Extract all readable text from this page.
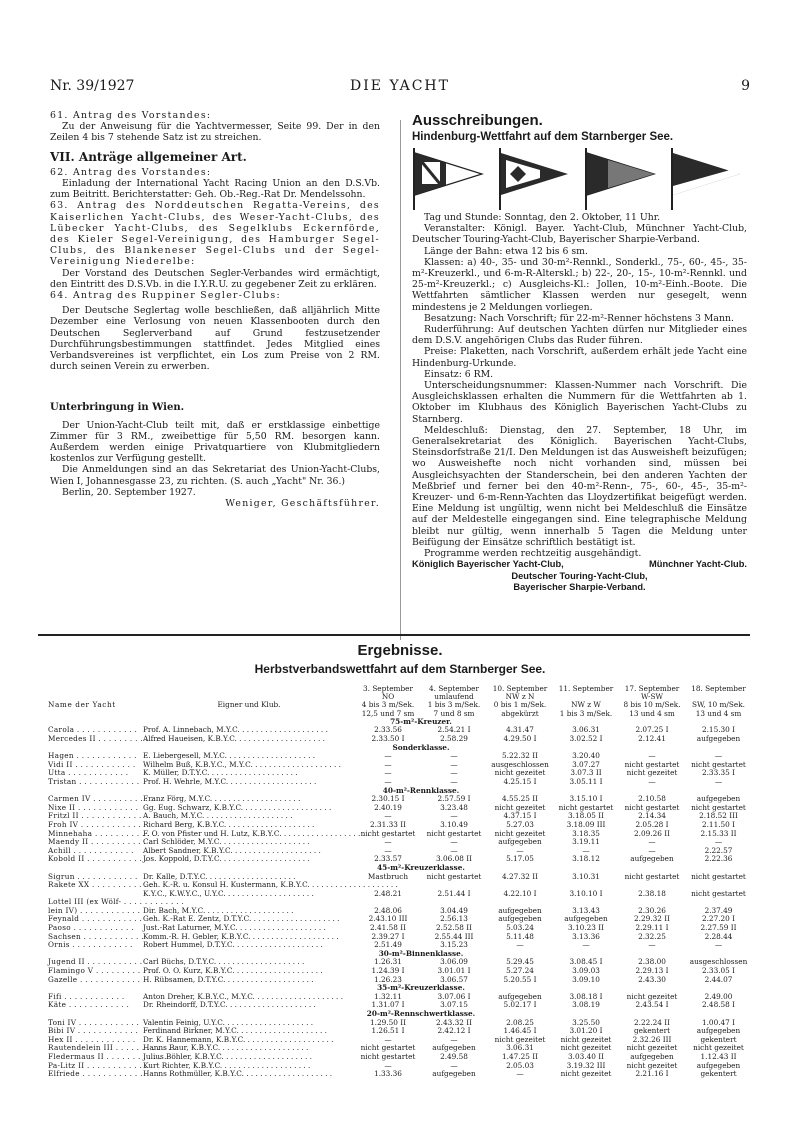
Nr. 39/1927	DIE YACHT	9

61. Antrag des Vorstandes:

Zu der Anweisung für die Yachtvermesser, Seite 99. Der in den Zeilen 4 bis 7 stehende Satz ist zu streichen.

VII. Anträge allgemeiner Art.

62. Antrag des Vorstandes:

Einladung der International Yacht Racing Union an den D.S.Vb. zum Beitritt. Berichterstatter: Geh. Ob.-Reg.-Rat Dr. Mendelssohn.

63. Antrag des Norddeutschen Regatta-Vereins, des Kaiserlichen Yacht-Clubs, des Weser-Yacht-Clubs, des Lübecker Yacht-Clubs, des Segelklubs Eckernförde, des Kieler Segel-Vereinigung, des Hamburger Segel-Clubs, des Blankeneser Segel-Clubs und der Segel-Vereinigung Niederelbe:

Der Vorstand des Deutschen Segler-Verbandes wird ermächtigt, den Eintritt des D.S.Vb. in die I.Y.R.U. zu gegebener Zeit zu erklären.

64. Antrag des Ruppiner Segler-Clubs:

Der Deutsche Seglertag wolle beschließen, daß alljährlich Mitte Dezember eine Verlosung von neuen Klassenbooten durch den Deutschen Seglerverband auf Grund festzusetzender Durchführungsbestimmungen stattfindet. Jedes Mitglied eines Verbandsvereines ist verpflichtet, ein Los zum Preise von 2 RM. durch seinen Verein zu erwerben.

Unterbringung in Wien.

Der Union-Yacht-Club teilt mit, daß er erstklassige einbettige Zimmer für 3 RM., zweibettige für 5,50 RM. besorgen kann. Außerdem werden einige Privatquartiere von Klubmitgliedern kostenlos zur Verfügung gestellt.

Die Anmeldungen sind an das Sekretariat des Union-Yacht-Clubs, Wien I, Johannesgasse 23, zu richten. (S. auch „Yacht" Nr. 36.)

Berlin, 20. September 1927.

Weniger, Geschäftsführer.

Ausschreibungen.

Hindenburg-Wettfahrt auf dem Starnberger See.

Tag und Stunde: Sonntag, den 2. Oktober, 11 Uhr.

Veranstalter: Königl. Bayer. Yacht-Club, Münchner Yacht-Club, Deutscher Touring-Yacht-Club, Bayerischer Sharpie-Verband.

Länge der Bahn: etwa 12 bis 6 sm.

Klassen: a) 40-, 35- und 30-m²-Rennkl., Sonderkl., 75-, 60-, 45-, 35-m²-Kreuzerkl., und 6-m-R-Alterskl.; b) 22-, 20-, 15-, 10-m²-Rennkl. und 25-m²-Kreuzerkl.; c) Ausgleichs-Kl.: Jollen, 10-m²-Einh.-Boote. Die Wettfahrten sämtlicher Klassen werden nur gesegelt, wenn mindestens je 2 Meldungen vorliegen.

Besatzung: Nach Vorschrift; für 22-m²-Renner höchstens 3 Mann.

Ruderführung: Auf deutschen Yachten dürfen nur Mitglieder eines dem D.S.V. angehörigen Clubs das Ruder führen.

Preise: Plaketten, nach Vorschrift, außerdem erhält jede Yacht eine Hindenburg-Urkunde.

Einsatz: 6 RM.

Unterscheidungsnummer: Klassen-Nummer nach Vorschrift. Die Ausgleichsklassen erhalten die Nummern für die Wettfahrten ab 1. Oktober im Klubhaus des Königlich Bayerischen Yacht-Clubs zu Starnberg.

Meldeschluß: Dienstag, den 27. September, 18 Uhr, im Generalsekretariat des Königlich. Bayerischen Yacht-Clubs, Steinsdorfstraße 21/I. Den Meldungen ist das Ausweisheft beizufügen; wo Ausweishefte noch nicht vorhanden sind, müssen bei Ausgleichsyachten der Standerschein, bei den anderen Yachten der Meßbrief und ferner bei den 40-m²-Renn-, 75-, 60-, 45-, 35-m²-Kreuzer- und 6-m-Renn-Yachten das Lloydzertifikat beigefügt werden. Eine Meldung ist ungültig, wenn nicht bei Meldeschluß die Einsätze auf der Meldestelle eingegangen sind. Eine telegraphische Meldung bleibt nur gültig, wenn innerhalb 5 Tagen die Meldung unter Beifügung der Einsätze schriftlich bestätigt ist.

Programme werden rechtzeitig ausgehändigt.

Königlich Bayerischer Yacht-Club,	Münchner Yacht-Club.

Deutscher Touring-Yacht-Club,

Bayerischer Sharpie-Verband.

Ergebnisse.
Herbstverbandswettfahrt auf dem Starnberger See.
		3. September	4. September	10. September	11. September	17. September	18. September
		NO	umlaufend	NW z N		W-SW	
Name der Yacht	Eigner und Klub.	4 bis 3 m/Sek.	1 bis 3 m/Sek.	0 bis 1 m/Sek.	NW z W	8 bis 10 m/Sek.	SW, 10 m/Sek.
		12,5 und 7 sm	7 und 8 sm	abgekürzt	1 bis 3 m/Sek.	13 und 4 sm	13 und 4 sm
		75-m²-Kreuzer.					
Carola . . . . . . . . . . . .	Prof. A. Linnebach, M.Y.C. . . . . . . . . . . . . . . . . . . .	2.33.56	2.54.21 I	4.31.47	3.06.31	2.07.25 I	2.15.30 I
Mercedes II . . . . . . . . . . . .	Alfred Haueisen, K.B.Y.C. . . . . . . . . . . . . . . . . . . .	2.33.50 I	2.58.29	4.29.50 I	3.02.52 I	2.12.41	aufgegeben
		Sonderklasse.					
Hagen . . . . . . . . . . . .	E. Liebergesell, M.Y.C. . . . . . . . . . . . . . . . . . . .	—	—	5.22.32 II	3.20.40	—	—
Vidi II . . . . . . . . . . . .	Wilhelm Buß, K.B.Y.C., M.Y.C. . . . . . . . . . . . . . . . . . . .	—	—	ausgeschlossen	3.07.27	nicht gestartet	nicht gestartet
Utta . . . . . . . . . . . .	K. Müller, D.T.Y.C. . . . . . . . . . . . . . . . . . . .	—	—	nicht gezeitet	3.07.3 II	nicht gezeitet	2.33.35 I
Tristan . . . . . . . . . . . .	Prof. H. Wehrle, M.Y.C. . . . . . . . . . . . . . . . . . . .	—	—	4.25.15 I	3.05.11 I	—	—
		40-m²-Rennklasse.					
Carmen IV . . . . . . . . . . . .	Franz Förg, M.Y.C. . . . . . . . . . . . . . . . . . . .	2.30.15 I	2.57.59 I	4.55.25 II	3.15.10 I	2.10.58	aufgegeben
Nixe II . . . . . . . . . . . .	Gg. Eug. Schwarz, K.B.Y.C. . . . . . . . . . . . . . . . . . . .	2.40.19	3.23.48	nicht gezeitet	nicht gestartet	nicht gestartet	nicht gestartet
Fritzl II . . . . . . . . . . . .	A. Bauch, M.Y.C. . . . . . . . . . . . . . . . . . . .	—	—	4.37.15 I	3.18.05 II	2.14.34	2.18.52 III
Froh IV . . . . . . . . . . . .	Richard Berg, K.B.Y.C. . . . . . . . . . . . . . . . . . . .	2.31.33 II	3.10.49	5.27.03	3.18.09 III	2.05.28 I	2.11.50 I
Minnehaha . . . . . . . . . . . .	F. O. von Pfister und H. Lutz, K.B.Y.C. . . . . . . . . . . . . . . . . . . .	nicht gestartet	nicht gestartet	nicht gezeitet	3.18.35	2.09.26 II	2.15.33 II
Maendy II . . . . . . . . . . . .	Carl Schlöder, M.Y.C. . . . . . . . . . . . . . . . . . . .	—	—	aufgegeben	3.19.11	—	—
Achill . . . . . . . . . . . .	Albert Sandner, K.B.Y.C. . . . . . . . . . . . . . . . . . . .	—	—	—	—	—	2.22.57
Kobold II . . . . . . . . . . . .	Jos. Koppold, D.T.Y.C. . . . . . . . . . . . . . . . . . . .	2.33.57	3.06.08 II	5.17.05	3.18.12	aufgegeben	2.22.36
		45-m²-Kreuzerklasse.					
Sigrun . . . . . . . . . . . .	Dr. Kalle, D.T.Y.C. . . . . . . . . . . . . . . . . . . .	Mastbruch	nicht gestartet	4.27.32 II	3.10.31	nicht gestartet	nicht gestartet
Rakete XX . . . . . . . . . . . .	Geh. K.-R. u. Konsul H. Kustermann, K.B.Y.C. . . . . . . . . . . . . . . . . . . .						
	K.Y.C., K.W.Y.C., U.Y.C. . . . . . . . . . . . . . . . . . . .	2.48.21	2.51.44 I	4.22.10 I	3.10.10 I	2.38.18	nicht gestartet
Lottel III (ex Wölf- . . . . . . . . . . . .							
lein IV) . . . . . . . . . . . .	Dir. Bach, M.Y.C. . . . . . . . . . . . . . . . . . . .	2.48.06	3.04.49	aufgegeben	3.13.43	2.30.26	2.37.49
Feynald . . . . . . . . . . . .	Geh. K.-Rat E. Zentz, D.T.Y.C. . . . . . . . . . . . . . . . . . . .	2.43.10 III	2.56.13	aufgegeben	aufgegeben	2.29.32 II	2.27.20 I
Paoso . . . . . . . . . . . .	Just.-Rat Laturner, M.Y.C. . . . . . . . . . . . . . . . . . . .	2.41.58 II	2.52.58 II	5.03.24	3.10.23 II	2.29.11 I	2.27.59 II
Sachsen . . . . . . . . . . . .	Komm.-R. H. Gebler, K.B.Y.C. . . . . . . . . . . . . . . . . . . .	2.39.27 I	2.55.44 III	5.11.48	3.13.36	2.32.25	2.28.44
Ornis . . . . . . . . . . . .	Robert Hummel, D.T.Y.C. . . . . . . . . . . . . . . . . . . .	2.51.49	3.15.23	—	—	—	—
		30-m²-Binnenklasse.					
Jugend II . . . . . . . . . . . .	Carl Büchs, D.T.Y.C. . . . . . . . . . . . . . . . . . . .	1.26.31	3.06.09	5.29.45	3.08.45 I	2.38.00	ausgeschlossen
Flamingo V . . . . . . . . . . . .	Prof. O. O. Kurz, K.B.Y.C. . . . . . . . . . . . . . . . . . . .	1.24.39 I	3.01.01 I	5.27.24	3.09.03	2.29.13 I	2.33.05 I
Gazelle . . . . . . . . . . . .	H. Rübsamen, D.T.Y.C. . . . . . . . . . . . . . . . . . . .	1.26.23	3.06.57	5.20.55 I	3.09.10	2.43.30	2.44.07
		35-m²-Kreuzerklasse.					
Fifi . . . . . . . . . . . .	Anton Dreher, K.B.Y.C., M.Y.C. . . . . . . . . . . . . . . . . . . .	1.32.11	3.07.06 I	aufgegeben	3.08.18 I	nicht gezeitet	2.49.00
Käte . . . . . . . . . . . .	Dr. Rheindorff, D.T.Y.C. . . . . . . . . . . . . . . . . . . .	1.31.07 I	3.07.15	5.02.17 I	3.08.19	2.43.54 I	2.48.58 I
		20-m²-Rennschwertklasse.					
Toni IV . . . . . . . . . . . .	Valentin Feinig, U.Y.C. . . . . . . . . . . . . . . . . . . .	1.29.50 II	2.43.32 II	2.08.25	3.25.50	2.22.24 II	1.00.47 I
Bibi IV . . . . . . . . . . . .	Ferdinand Birkner, M.Y.C. . . . . . . . . . . . . . . . . . . .	1.26.51 I	2.42.12 I	1.46.45 I	3.01.20 I	gekentert	aufgegeben
Hex II . . . . . . . . . . . .	Dr. K. Hannemann, K.B.Y.C. . . . . . . . . . . . . . . . . . . .	—	—	nicht gezeitet	nicht gezeitet	2.32.26 III	gekentert
Rautendelein III . . . . . . . . . . . .	Hanns Baur, K.B.Y.C. . . . . . . . . . . . . . . . . . . .	nicht gestartet	aufgegeben	3.06.31	nicht gezeitet	nicht gezeitet	nicht gezeitet
Fledermaus II . . . . . . . . . . . .	Julius Böhler, K.B.Y.C. . . . . . . . . . . . . . . . . . . .	nicht gestartet	2.49.58	1.47.25 II	3.03.40 II	aufgegeben	1.12.43 II
Pa-Litz II . . . . . . . . . . . .	Kurt Richter, K.B.Y.C. . . . . . . . . . . . . . . . . . . .	—	—	2.05.03	3.19.32 III	nicht gezeitet	aufgegeben
Elfriede . . . . . . . . . . . .	Hanns Rothmüller, K.B.Y.C. . . . . . . . . . . . . . . . . . . .	1.33.36	aufgegeben	—	nicht gezeitet	2.21.16 I	gekentert
